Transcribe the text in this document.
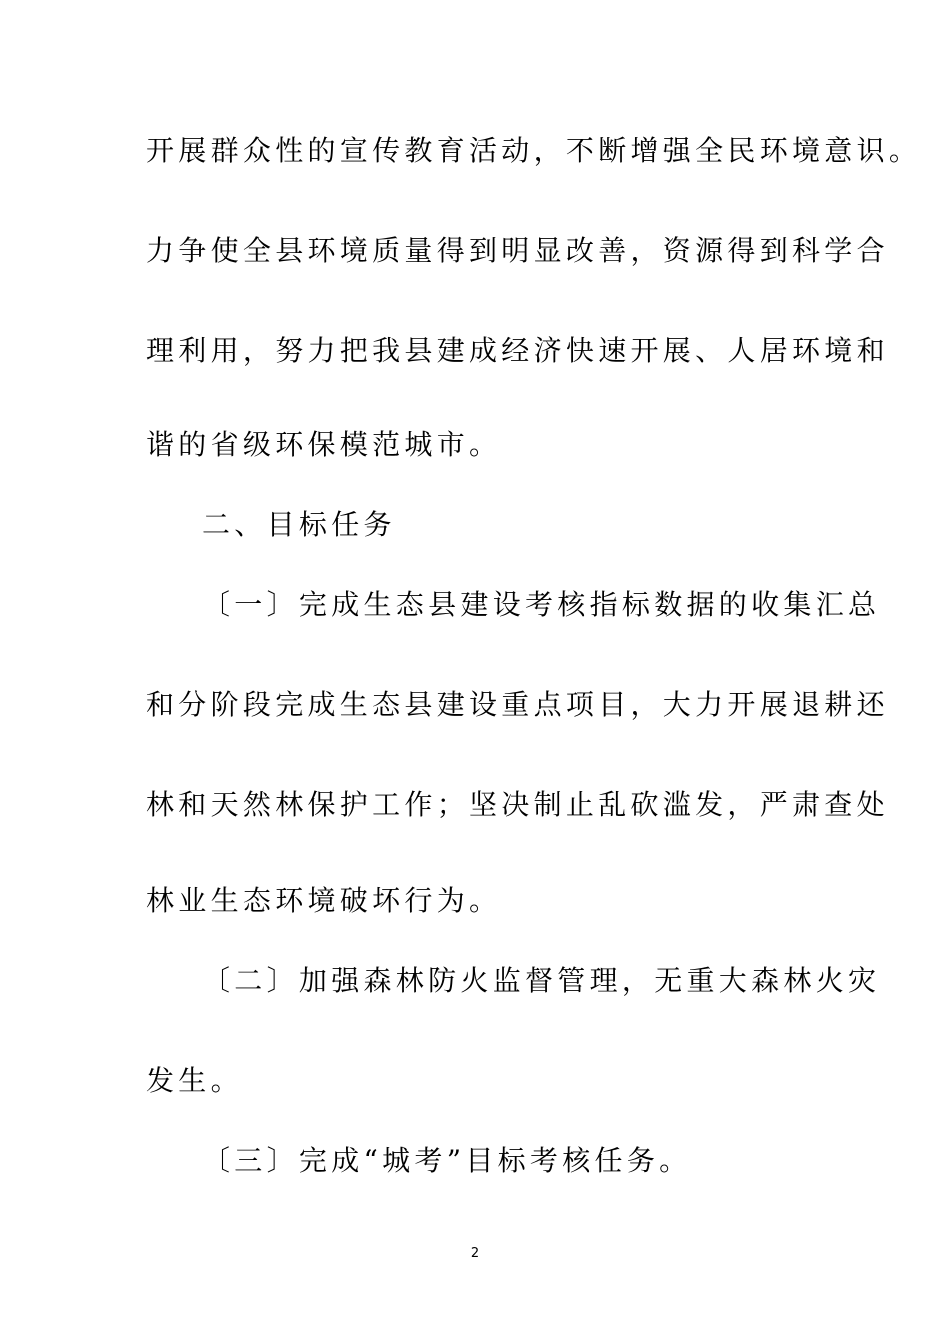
开展群众性的宣传教育活动，不断增强全民环境意识。
力争使全县环境质量得到明显改善，资源得到科学合
理利用，努力把我县建成经济快速开展、人居环境和
谐的省级环保模范城市。
二、目标任务
〔一〕完成生态县建设考核指标数据的收集汇总
和分阶段完成生态县建设重点项目，大力开展退耕还
林和天然林保护工作；坚决制止乱砍滥发，严肃查处
林业生态环境破坏行为。
〔二〕加强森林防火监督管理，无重大森林火灾
发生。
〔三〕完成“城考”目标考核任务。
2
